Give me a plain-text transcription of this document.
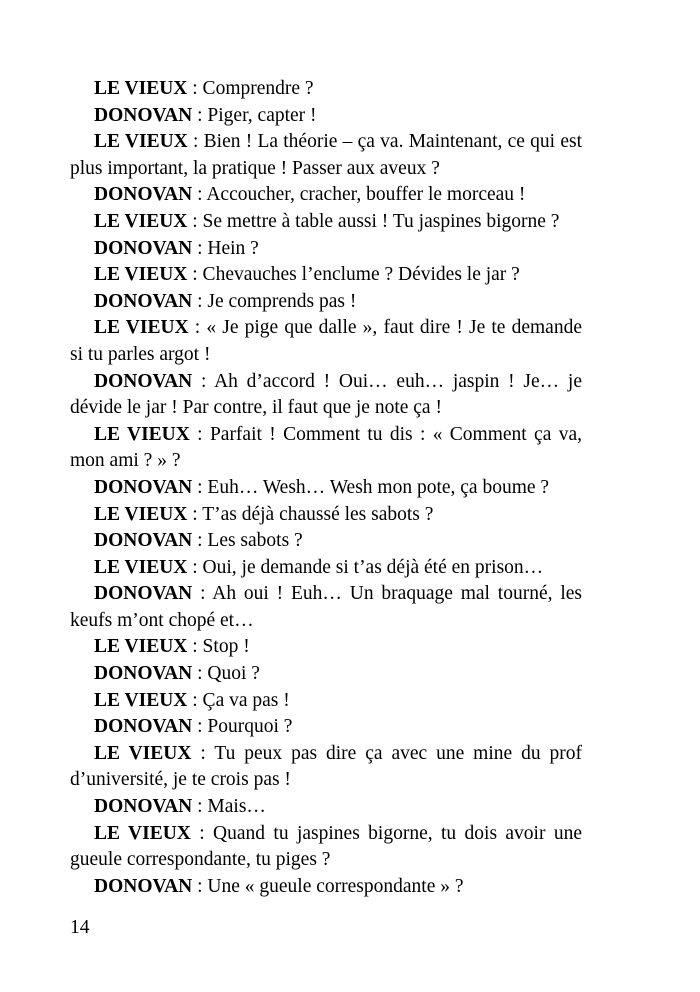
LE VIEUX : Comprendre ?

DONOVAN : Piger, capter !

LE VIEUX : Bien ! La théorie – ça va. Maintenant, ce qui est plus important, la pratique ! Passer aux aveux ?

DONOVAN : Accoucher, cracher, bouffer le morceau !

LE VIEUX : Se mettre à table aussi ! Tu jaspines bigorne ?

DONOVAN : Hein ?

LE VIEUX : Chevauches l’enclume ? Dévides le jar ?

DONOVAN : Je comprends pas !

LE VIEUX : « Je pige que dalle », faut dire ! Je te demande si tu parles argot !

DONOVAN : Ah d’accord ! Oui… euh… jaspin ! Je… je dévide le jar ! Par contre, il faut que je note ça !

LE VIEUX : Parfait ! Comment tu dis : « Comment ça va, mon ami ? » ?

DONOVAN : Euh… Wesh… Wesh mon pote, ça boume ?

LE VIEUX : T’as déjà chaussé les sabots ?

DONOVAN : Les sabots ?

LE VIEUX : Oui, je demande si t’as déjà été en prison…

DONOVAN : Ah oui ! Euh… Un braquage mal tourné, les keufs m’ont chopé et…

LE VIEUX : Stop !

DONOVAN : Quoi ?

LE VIEUX : Ça va pas !

DONOVAN : Pourquoi ?

LE VIEUX : Tu peux pas dire ça avec une mine du prof d’université, je te crois pas !

DONOVAN : Mais…

LE VIEUX : Quand tu jaspines bigorne, tu dois avoir une gueule correspondante, tu piges ?

DONOVAN : Une « gueule correspondante » ?

14
